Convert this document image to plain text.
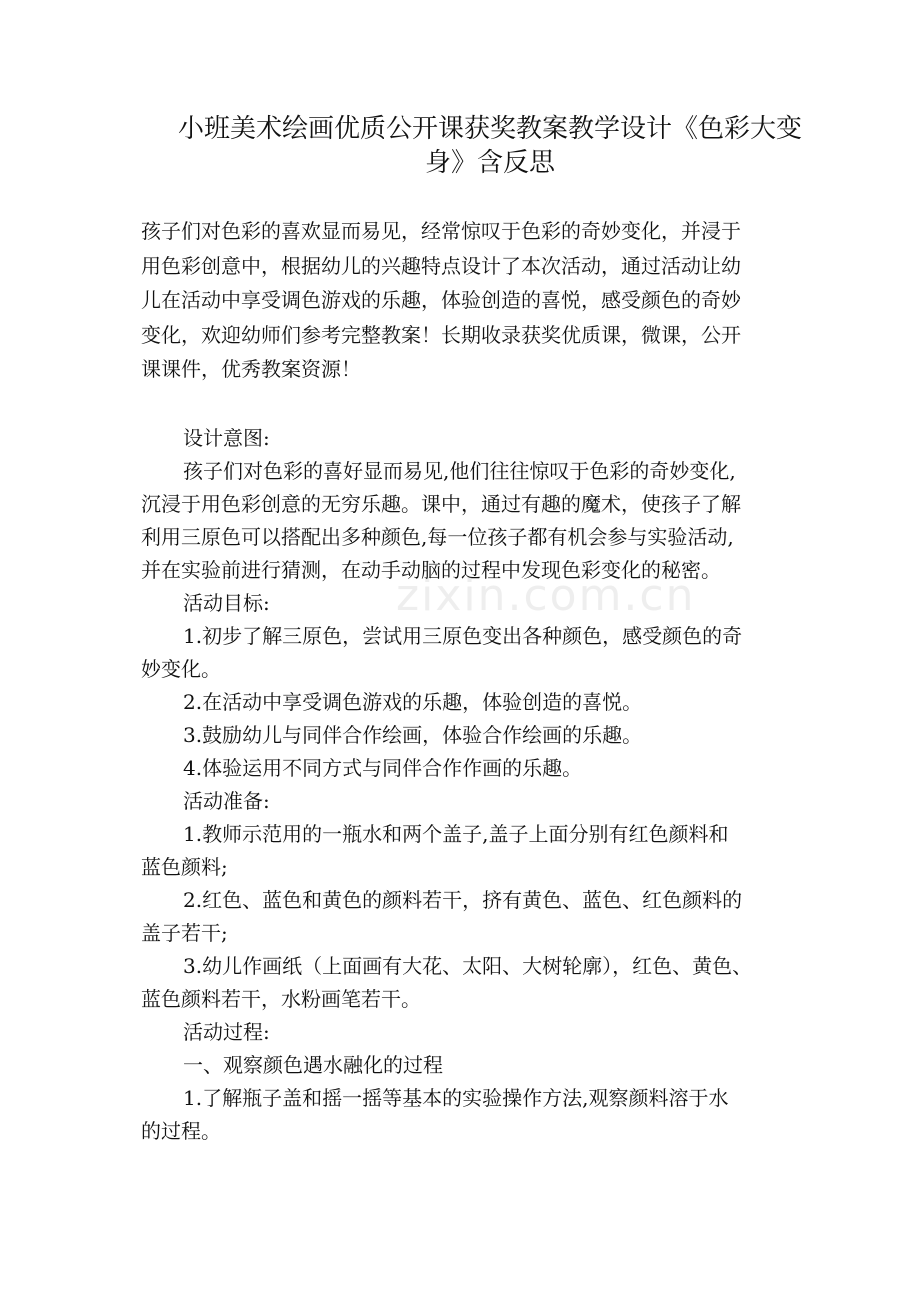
小班美术绘画优质公开课获奖教案教学设计《色彩大变
身》含反思
孩子们对色彩的喜欢显而易见，经常惊叹于色彩的奇妙变化，并浸于
用色彩创意中，根据幼儿的兴趣特点设计了本次活动，通过活动让幼
儿在活动中享受调色游戏的乐趣，体验创造的喜悦，感受颜色的奇妙
变化，欢迎幼师们参考完整教案！长期收录获奖优质课，微课，公开
课课件，优秀教案资源！

设计意图:

孩子们对色彩的喜好显而易见,他们往往惊叹于色彩的奇妙变化,

沉浸于用色彩创意的无穷乐趣。课中，通过有趣的魔术，使孩子了解

利用三原色可以搭配出多种颜色,每一位孩子都有机会参与实验活动,

并在实验前进行猜测，在动手动脑的过程中发现色彩变化的秘密。

活动目标:

1.初步了解三原色，尝试用三原色变出各种颜色，感受颜色的奇

妙变化。

2.在活动中享受调色游戏的乐趣，体验创造的喜悦。

3.鼓励幼儿与同伴合作绘画，体验合作绘画的乐趣。

4.体验运用不同方式与同伴合作作画的乐趣。

活动准备:

1.教师示范用的一瓶水和两个盖子,盖子上面分别有红色颜料和

蓝色颜料;

2.红色、蓝色和黄色的颜料若干，挤有黄色、蓝色、红色颜料的

盖子若干;

3.幼儿作画纸（上面画有大花、太阳、大树轮廓），红色、黄色、

蓝色颜料若干，水粉画笔若干。

活动过程:

一、观察颜色遇水融化的过程

1.了解瓶子盖和摇一摇等基本的实验操作方法,观察颜料溶于水

的过程。

zixin.com.cn
